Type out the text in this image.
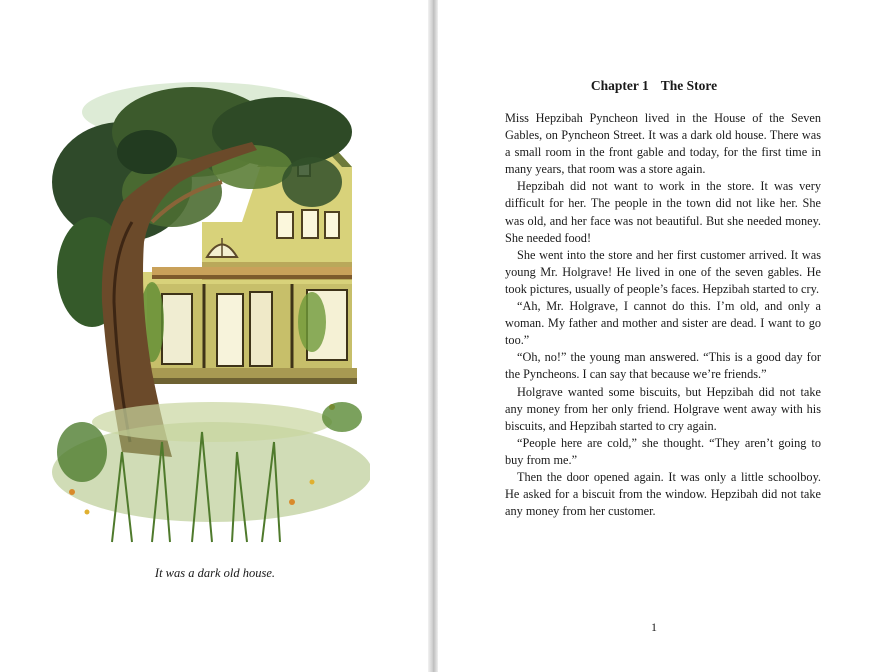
It was a dark old house.
Chapter 1 The Store

Miss Hepzibah Pyncheon lived in the House of the Seven Gables, on Pyncheon Street. It was a dark old house. There was a small room in the front gable and today, for the first time in many years, that room was a store again.

Hepzibah did not want to work in the store. It was very difficult for her. The people in the town did not like her. She was old, and her face was not beautiful. But she needed money. She needed food!

She went into the store and her first customer arrived. It was young Mr. Holgrave! He lived in one of the seven gables. He took pictures, usually of people’s faces. Hepzibah started to cry.

“Ah, Mr. Holgrave, I cannot do this. I’m old, and only a woman. My father and mother and sister are dead. I want to go too.”

“Oh, no!” the young man answered. “This is a good day for the Pyncheons. I can say that because we’re friends.”

Holgrave wanted some biscuits, but Hepzibah did not take any money from her only friend. Holgrave went away with his biscuits, and Hepzibah started to cry again.

“People here are cold,” she thought. “They aren’t going to buy from me.”

Then the door opened again. It was only a little schoolboy. He asked for a biscuit from the window. Hepzibah did not take any money from her customer.

1
